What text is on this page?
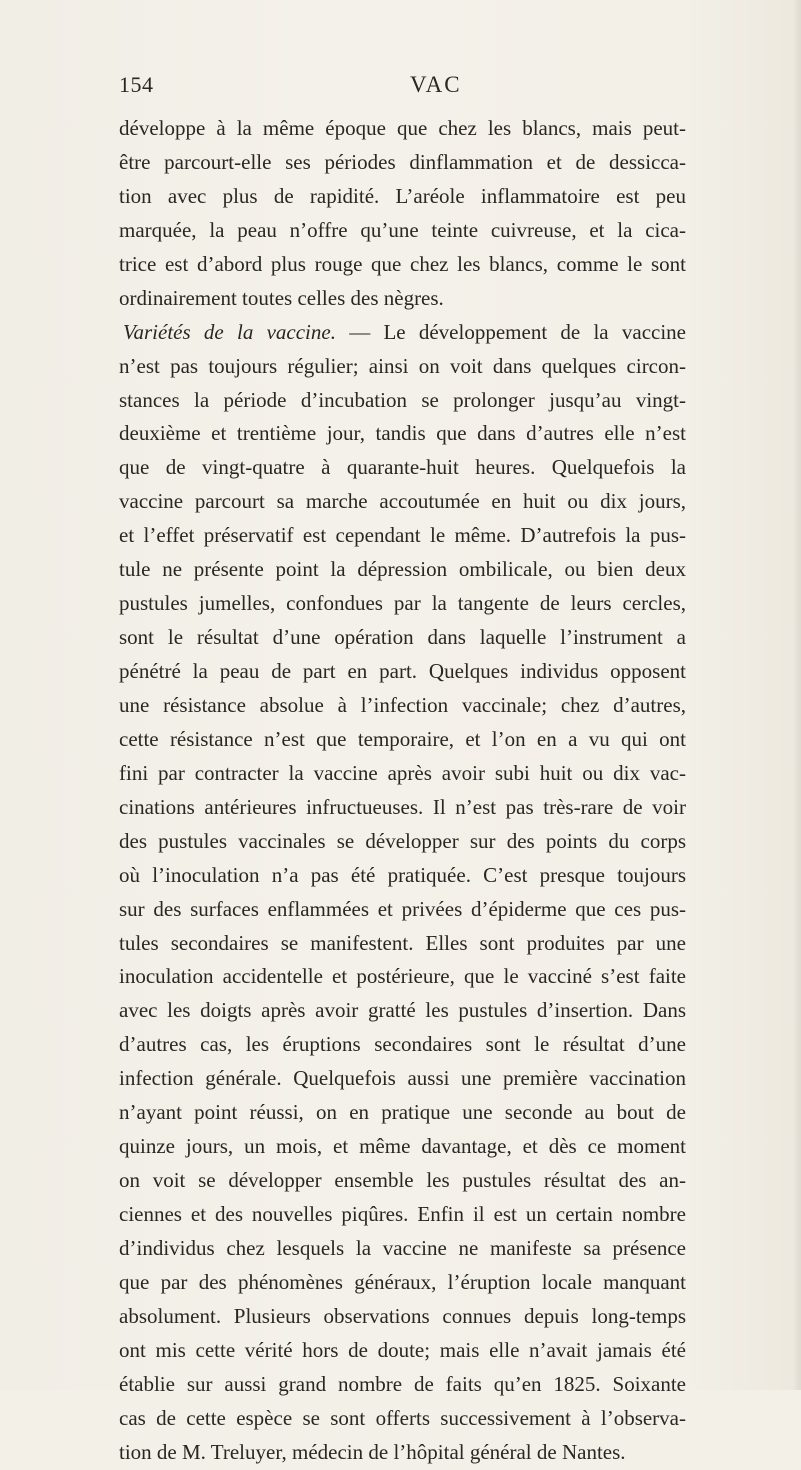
154	VAC
développe à la même époque que chez les blancs, mais peut-
être parcourt-elle ses périodes dinflammation et de dessicca-
tion avec plus de rapidité. L’aréole inflammatoire est peu
marquée, la peau n’offre qu’une teinte cuivreuse, et la cica-
trice est d’abord plus rouge que chez les blancs, comme le sont
ordinairement toutes celles des nègres.
Variétés de la vaccine. — Le développement de la vaccine
n’est pas toujours régulier; ainsi on voit dans quelques circon-
stances la période d’incubation se prolonger jusqu’au vingt-
deuxième et trentième jour, tandis que dans d’autres elle n’est
que de vingt-quatre à quarante-huit heures. Quelquefois la
vaccine parcourt sa marche accoutumée en huit ou dix jours,
et l’effet préservatif est cependant le même. D’autrefois la pus-
tule ne présente point la dépression ombilicale, ou bien deux
pustules jumelles, confondues par la tangente de leurs cercles,
sont le résultat d’une opération dans laquelle l’instrument a
pénétré la peau de part en part. Quelques individus opposent
une résistance absolue à l’infection vaccinale; chez d’autres,
cette résistance n’est que temporaire, et l’on en a vu qui ont
fini par contracter la vaccine après avoir subi huit ou dix vac-
cinations antérieures infructueuses. Il n’est pas très-rare de voir
des pustules vaccinales se développer sur des points du corps
où l’inoculation n’a pas été pratiquée. C’est presque toujours
sur des surfaces enflammées et privées d’épiderme que ces pus-
tules secondaires se manifestent. Elles sont produites par une
inoculation accidentelle et postérieure, que le vacciné s’est faite
avec les doigts après avoir gratté les pustules d’insertion. Dans
d’autres cas, les éruptions secondaires sont le résultat d’une
infection générale. Quelquefois aussi une première vaccination
n’ayant point réussi, on en pratique une seconde au bout de
quinze jours, un mois, et même davantage, et dès ce moment
on voit se développer ensemble les pustules résultat des an-
ciennes et des nouvelles piqûres. Enfin il est un certain nombre
d’individus chez lesquels la vaccine ne manifeste sa présence
que par des phénomènes généraux, l’éruption locale manquant
absolument. Plusieurs observations connues depuis long-temps
ont mis cette vérité hors de doute; mais elle n’avait jamais été
établie sur aussi grand nombre de faits qu’en 1825. Soixante
cas de cette espèce se sont offerts successivement à l’observa-
tion de M. Treluyer, médecin de l’hôpital général de Nantes.
